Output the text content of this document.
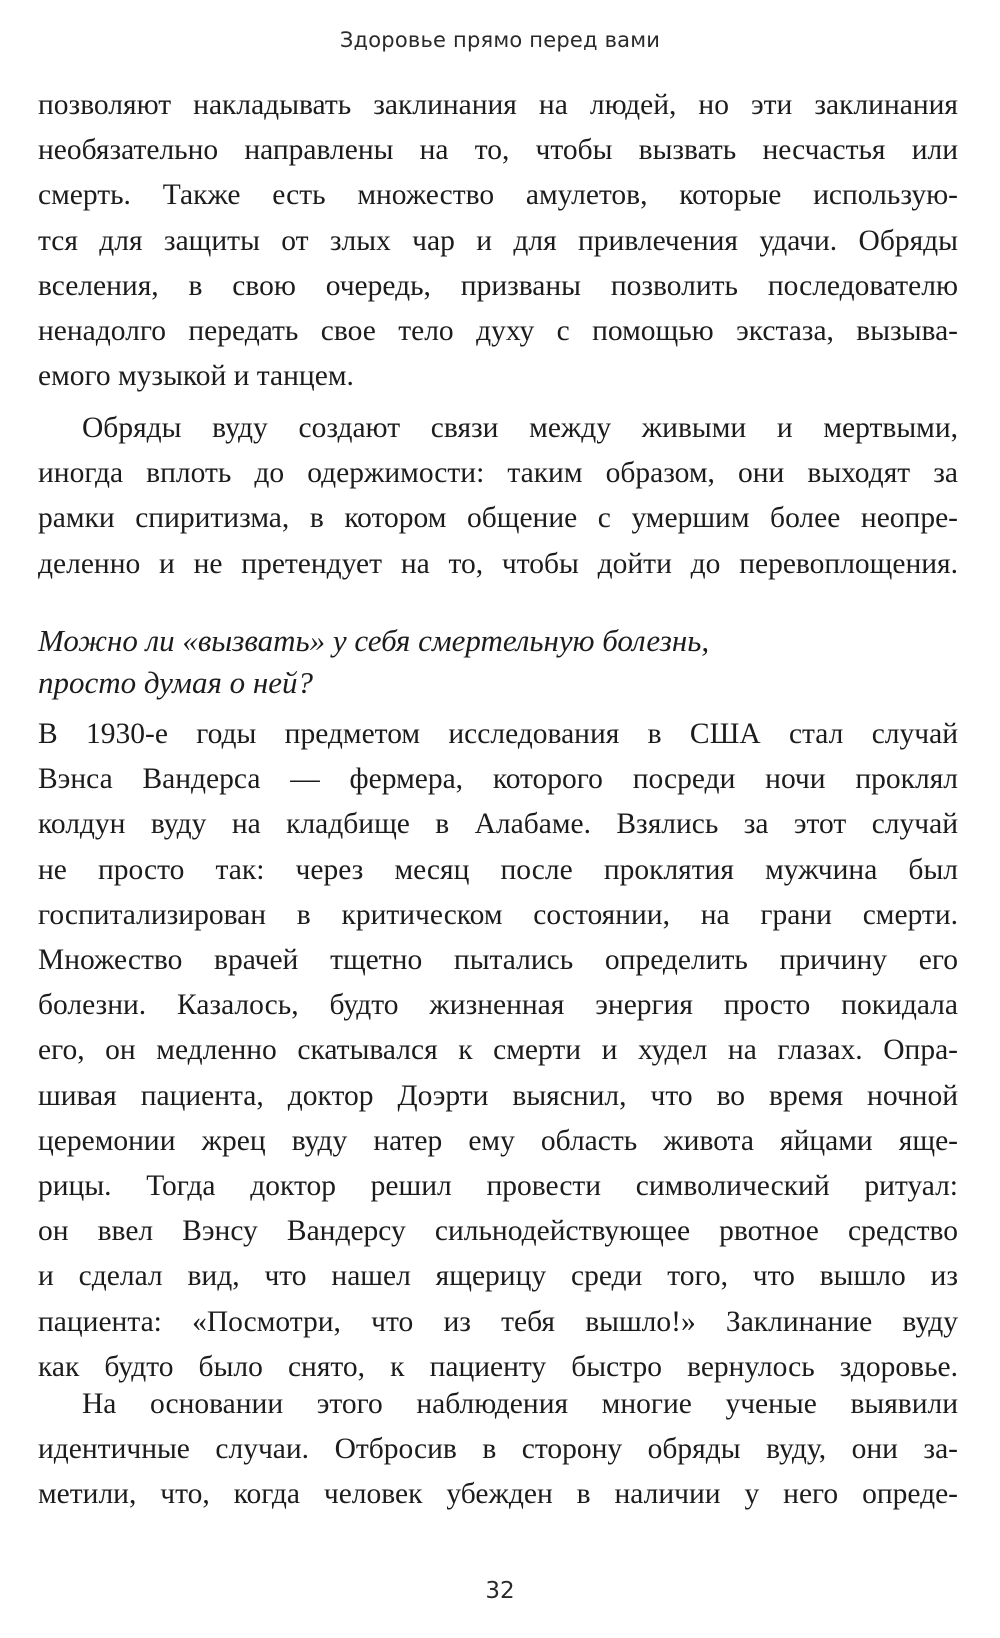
Здоровье прямо перед вами
позволяют накладывать заклинания на людей, но эти заклинания
необязательно направлены на то, чтобы вызвать несчастья или
смерть. Также есть множество амулетов, которые использую-
тся для защиты от злых чар и для привлечения удачи. Обряды
вселения, в свою очередь, призваны позволить последователю
ненадолго передать свое тело духу с помощью экстаза, вызыва-
емого музыкой и танцем.
Обряды вуду создают связи между живыми и мертвыми,
иногда вплоть до одержимости: таким образом, они выходят за
рамки спиритизма, в котором общение с умершим более неопре-
деленно и не претендует на то, чтобы дойти до перевоплощения.
Можно ли «вызвать» у себя смертельную болезнь,
просто думая о ней?
В 1930-е годы предметом исследования в США стал случай
Вэнса Вандерса — фермера, которого посреди ночи проклял
колдун вуду на кладбище в Алабаме. Взялись за этот случай
не просто так: через месяц после проклятия мужчина был
госпитализирован в критическом состоянии, на грани смерти.
Множество врачей тщетно пытались определить причину его
болезни. Казалось, будто жизненная энергия просто покидала
его, он медленно скатывался к смерти и худел на глазах. Опра-
шивая пациента, доктор Доэрти выяснил, что во время ночной
церемонии жрец вуду натер ему область живота яйцами яще-
рицы. Тогда доктор решил провести символический ритуал:
он ввел Вэнсу Вандерсу сильнодействующее рвотное средство
и сделал вид, что нашел ящерицу среди того, что вышло из
пациента: «Посмотри, что из тебя вышло!» Заклинание вуду
как будто было снято, к пациенту быстро вернулось здоровье.
На основании этого наблюдения многие ученые выявили
идентичные случаи. Отбросив в сторону обряды вуду, они за-
метили, что, когда человек убежден в наличии у него опреде-
32
